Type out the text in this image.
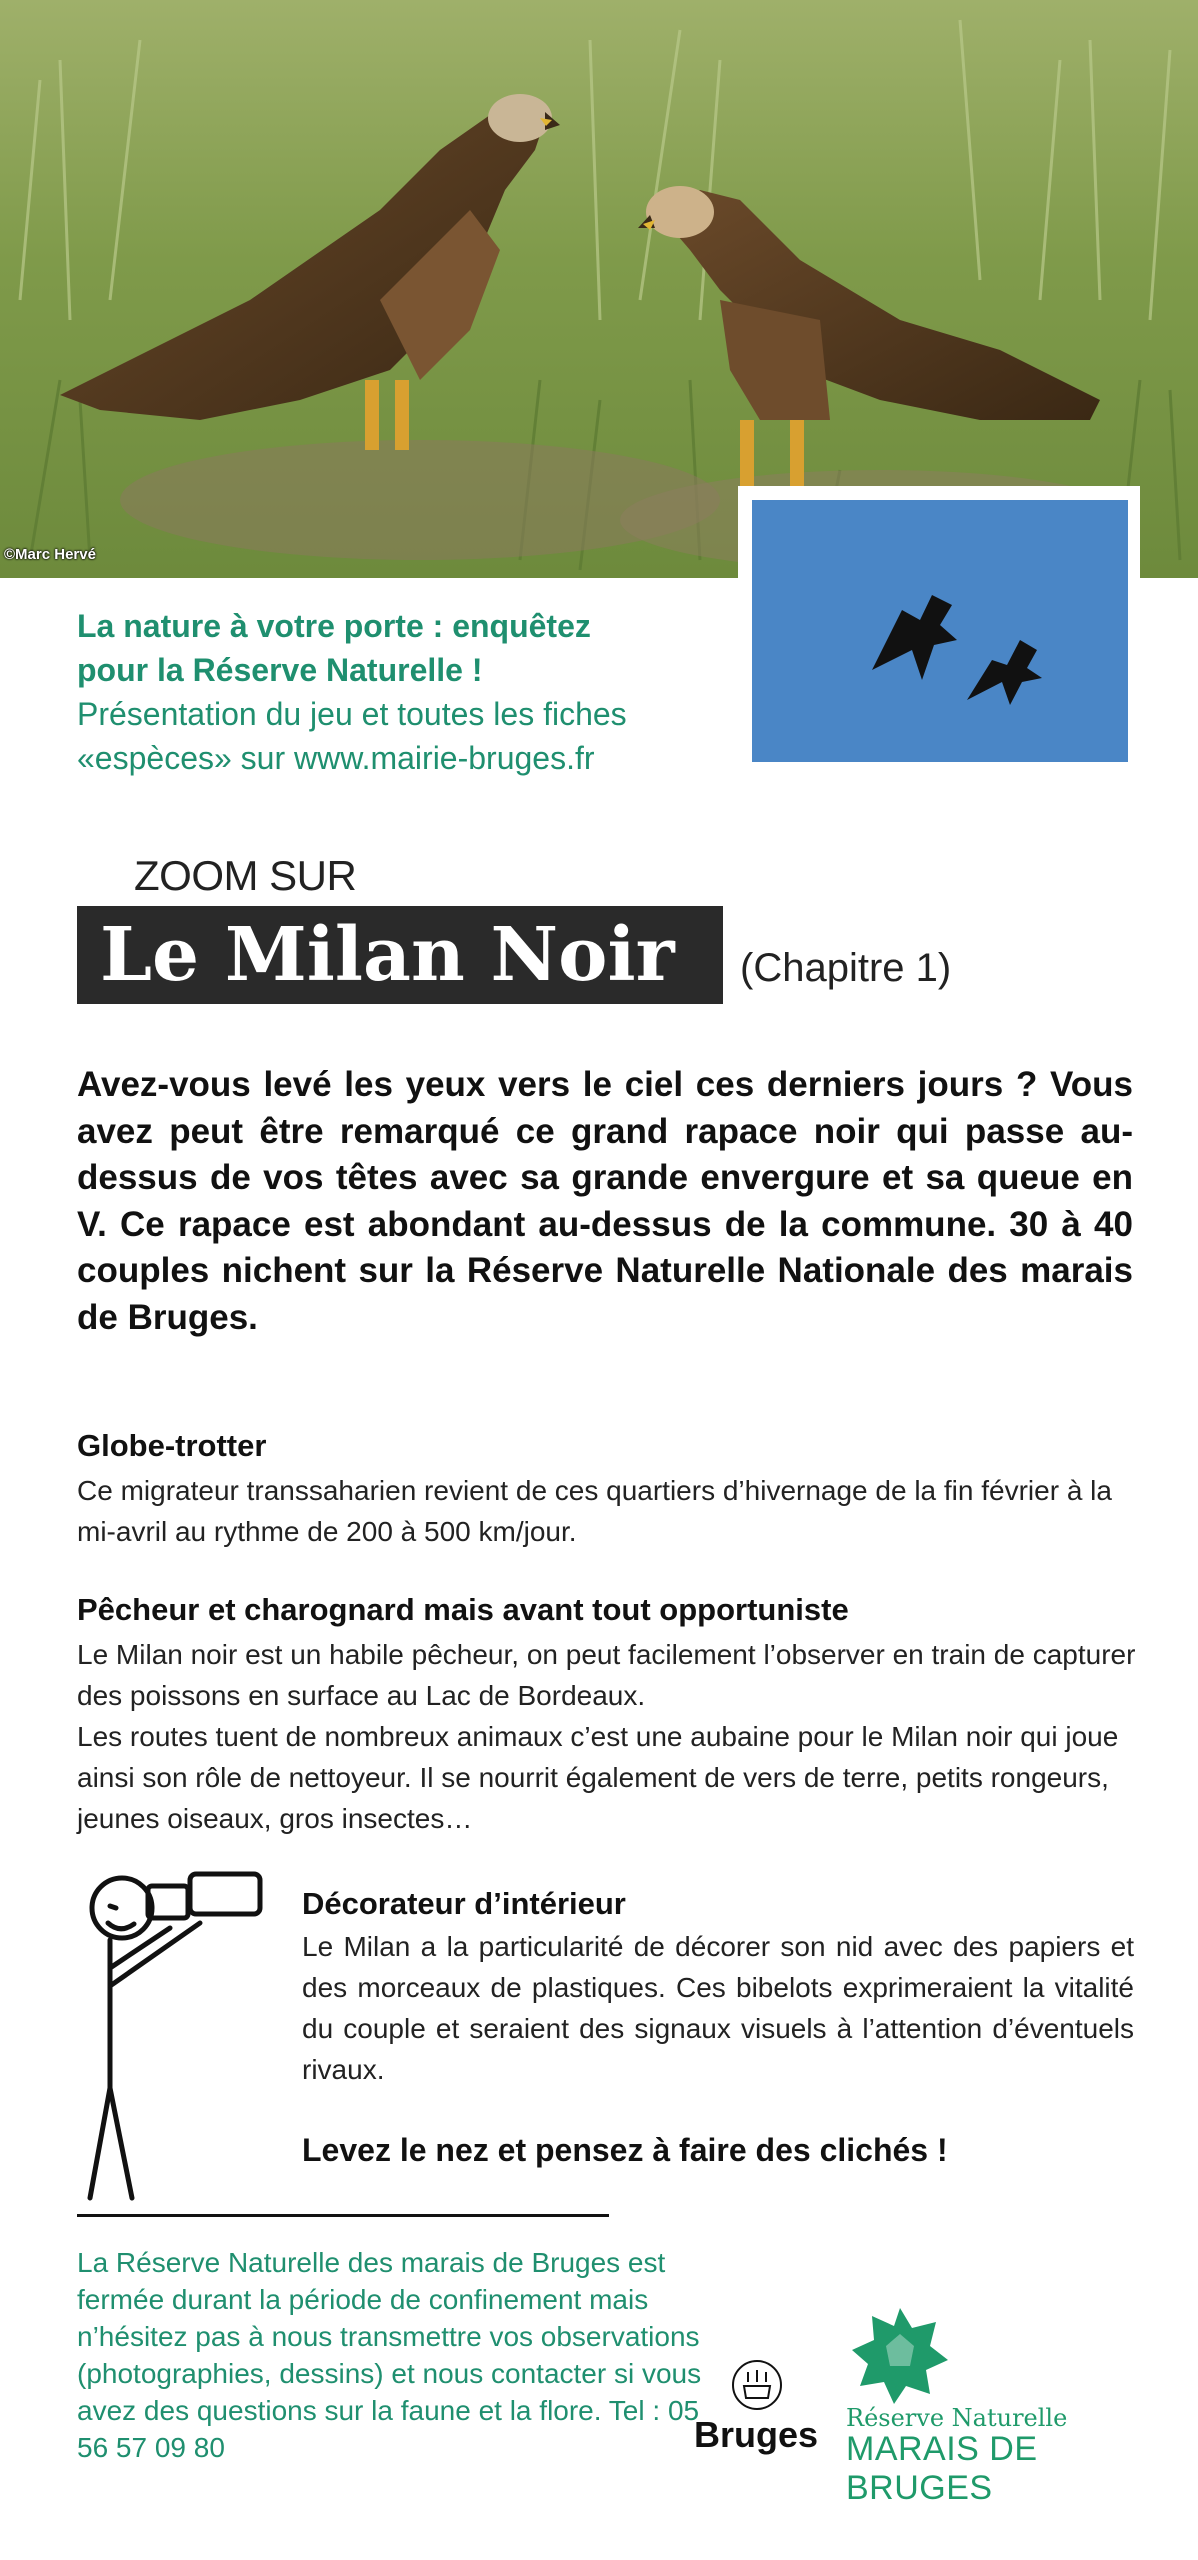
©Marc Hervé
La nature à votre porte : enquêtez
pour la Réserve Naturelle !
Présentation du jeu et toutes les fiches
«espèces» sur www.mairie-bruges.fr
ZOOM SUR
Le Milan Noir	(Chapitre 1)
Avez-vous levé les yeux vers le ciel ces derniers jours ? Vous avez peut être remarqué ce grand rapace noir qui passe au-dessus de vos têtes avec sa grande envergure et sa queue en V. Ce rapace est abondant au-dessus de la commune. 30 à 40 couples nichent sur la Réserve Naturelle Nationale des marais de Bruges.
Globe-trotter
Ce migrateur transsaharien revient de ces quartiers d’hivernage de la fin février à la mi-avril au rythme de 200 à 500 km/jour.
Pêcheur et charognard mais avant tout opportuniste
Le Milan noir est un habile pêcheur, on peut facilement l’observer en train de capturer des poissons en surface au Lac de Bordeaux.
Les routes tuent de nombreux animaux c’est une aubaine pour le Milan noir qui joue ainsi son rôle de nettoyeur. Il se nourrit également de vers de terre, petits rongeurs, jeunes oiseaux, gros insectes…
Décorateur d’intérieur
Le Milan a la particularité de décorer son nid avec des papiers et des morceaux de plastiques. Ces bibelots exprimeraient la vitalité du couple et seraient des signaux visuels à l’attention d’éventuels rivaux.
Levez le nez et pensez à faire des clichés !
La Réserve Naturelle des marais de Bruges est fermée durant la période de confinement mais n’hésitez pas à nous transmettre vos observations (photographies, dessins) et nous contacter si vous avez des questions sur la faune et la flore. Tel : 05 56 57 09 80	Bruges	Réserve Naturelle
MARAIS DE BRUGES
